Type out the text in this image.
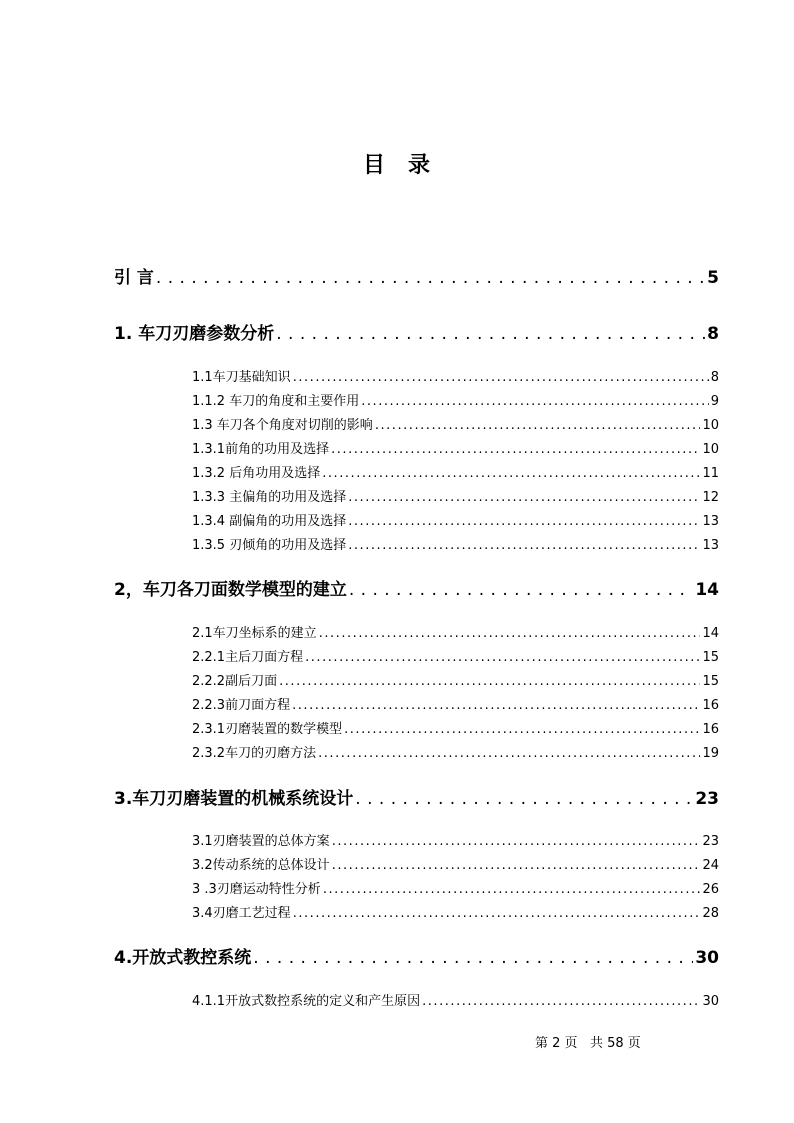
目 录
引 言 . . .	5
1. 车刀刃磨参数分析 . . .	8
1.1车刀基础知识 . . .	8
1.1.2 车刀的角度和主要作用 . . .	9
1.3 车刀各个角度对切削的影响 . . .	10
1.3.1前角的功用及选择 . . .	10
1.3.2 后角功用及选择 . . .	11
1.3.3 主偏角的功用及选择 . . .	12
1.3.4 副偏角的功用及选择 . . .	13
1.3.5 刃倾角的功用及选择 . . .	13
2，车刀各刀面数学模型的建立 . . .	14
2.1车刀坐标系的建立 . . .	14
2.2.1主后刀面方程 . . .	15
2.2.2副后刀面 . . .	15
2.2.3前刀面方程 . . .	16
2.3.1刃磨装置的数学模型 . . .	16
2.3.2车刀的刃磨方法 . . .	19
3.车刀刃磨装置的机械系统设计 . . .	23
3.1刃磨装置的总体方案 . . .	23
3.2传动系统的总体设计 . . .	24
3 .3刃磨运动特性分析 . . .	26
3.4刃磨工艺过程 . . .	28
4.开放式教控系统 . . .	30
4.1.1开放式数控系统的定义和产生原因 . . .	30
第 2 页 共 58 页
